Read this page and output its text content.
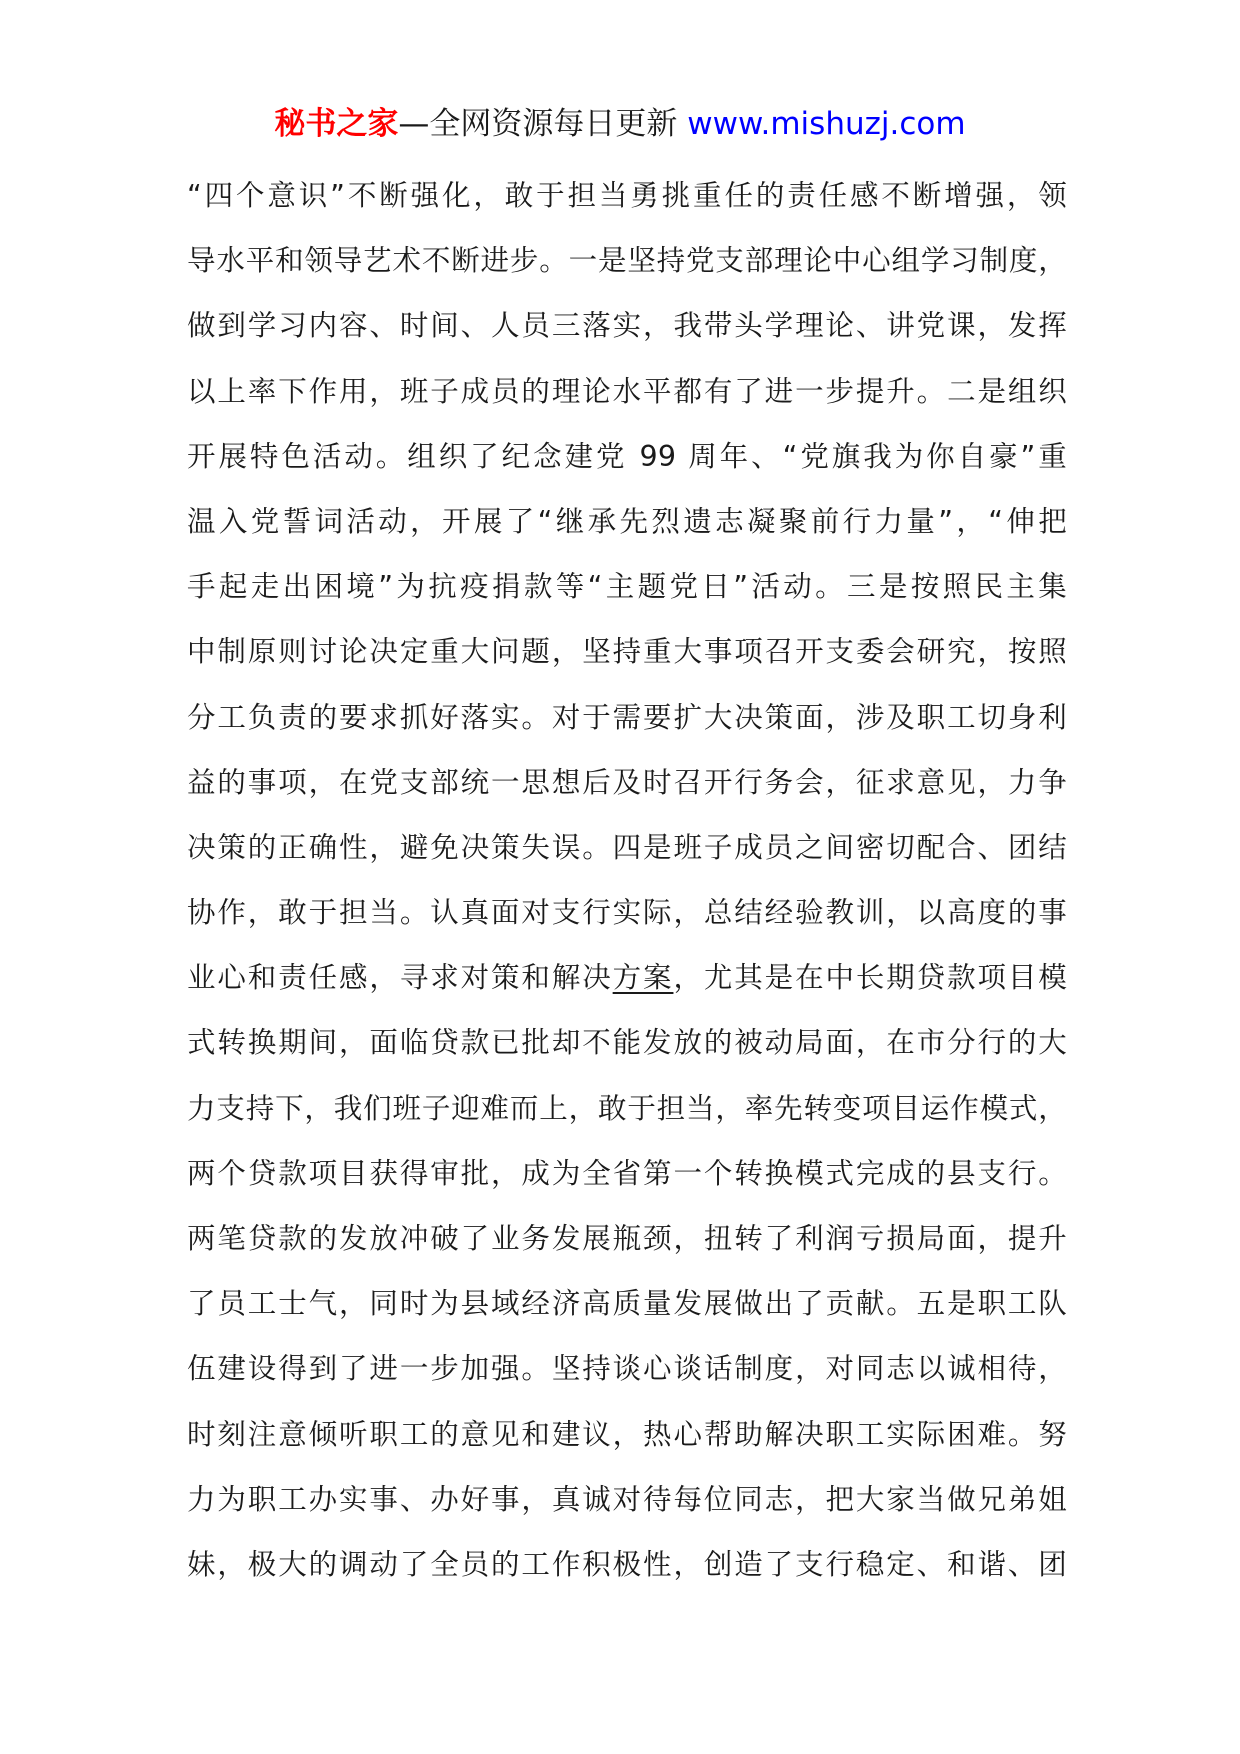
秘书之家—全网资源每日更新 www.mishuzj.com
“四个意识”不断强化，敢于担当勇挑重任的责任感不断增强，领
导水平和领导艺术不断进步。一是坚持党支部理论中心组学习制度，
做到学习内容、时间、人员三落实，我带头学理论、讲党课，发挥
以上率下作用，班子成员的理论水平都有了进一步提升。二是组织
开展特色活动。组织了纪念建党 99 周年、“党旗我为你自豪”重
温入党誓词活动，开展了“继承先烈遗志凝聚前行力量”，“伸把
手起走出困境”为抗疫捐款等“主题党日”活动。三是按照民主集
中制原则讨论决定重大问题，坚持重大事项召开支委会研究，按照
分工负责的要求抓好落实。对于需要扩大决策面，涉及职工切身利
益的事项，在党支部统一思想后及时召开行务会，征求意见，力争
决策的正确性，避免决策失误。四是班子成员之间密切配合、团结
协作，敢于担当。认真面对支行实际，总结经验教训，以高度的事
业心和责任感，寻求对策和解决方案，尤其是在中长期贷款项目模
式转换期间，面临贷款已批却不能发放的被动局面，在市分行的大
力支持下，我们班子迎难而上，敢于担当，率先转变项目运作模式，
两个贷款项目获得审批，成为全省第一个转换模式完成的县支行。
两笔贷款的发放冲破了业务发展瓶颈，扭转了利润亏损局面，提升
了员工士气，同时为县域经济高质量发展做出了贡献。五是职工队
伍建设得到了进一步加强。坚持谈心谈话制度，对同志以诚相待，
时刻注意倾听职工的意见和建议，热心帮助解决职工实际困难。努
力为职工办实事、办好事，真诚对待每位同志，把大家当做兄弟姐
妹，极大的调动了全员的工作积极性，创造了支行稳定、和谐、团
